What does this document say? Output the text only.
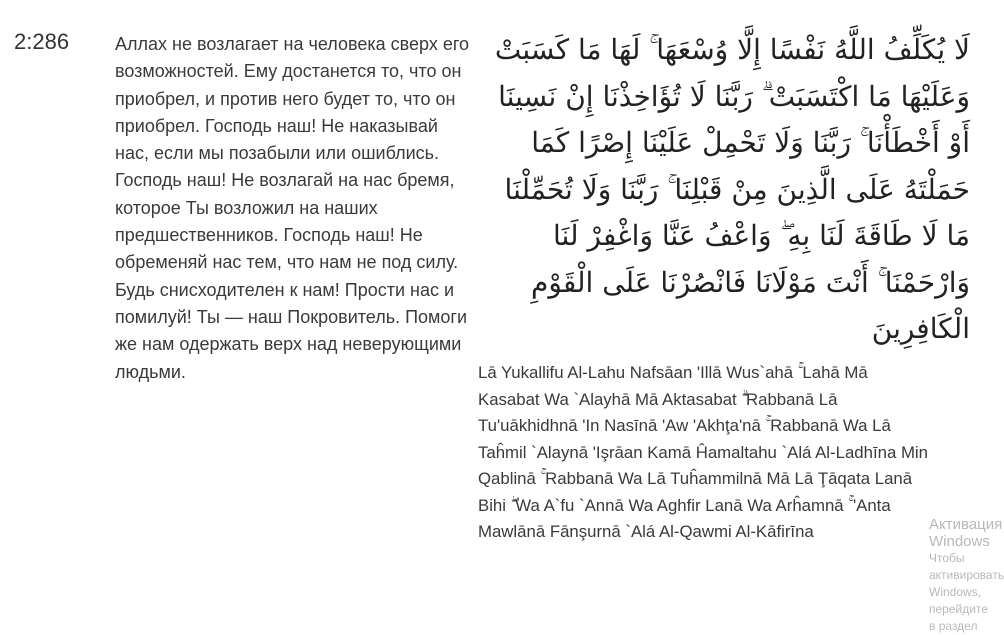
2:286	Аллах не возлагает на человека сверх его возможностей. Ему достанется то, что он приобрел, и против него будет то, что он приобрел. Господь наш! Не наказывай нас, если мы позабыли или ошиблись. Господь наш! Не возлагай на нас бремя, которое Ты возложил на наших предшественников. Господь наш! Не обременяй нас тем, что нам не под силу. Будь снисходителен к нам! Прости нас и помилуй! Ты — наш Покровитель. Помоги же нам одержать верх над неверующими людьми.
لَا يُكَلِّفُ اللَّهُ نَفْسًا إِلَّا وُسْعَهَا ۚ لَهَا مَا كَسَبَتْ وَعَلَيْهَا مَا اكْتَسَبَتْ ۗ رَبَّنَا لَا تُؤَاخِذْنَا إِنْ نَسِينَا أَوْ أَخْطَأْنَا ۚ رَبَّنَا وَلَا تَحْمِلْ عَلَيْنَا إِصْرًا كَمَا حَمَلْتَهُ عَلَى الَّذِينَ مِنْ قَبْلِنَا ۚ رَبَّنَا وَلَا تُحَمِّلْنَا مَا لَا طَاقَةَ لَنَا بِهِ ۖ وَاعْفُ عَنَّا وَاغْفِرْ لَنَا وَارْحَمْنَا ۚ أَنْتَ مَوْلَانَا فَانْصُرْنَا عَلَى الْقَوْمِ الْكَافِرِينَ
Lā Yukallifu Al-Lahu Nafsāan 'Illā Wus`ahā ۚ Lahā Mā Kasabat Wa `Alayhā Mā Aktasabat ۗ Rabbanā Lā Tu'uākhidhnā 'In Nasīnā 'Aw 'Akhţa'nā ۚ Rabbanā Wa Lā Taĥmil `Alaynā 'Işrāan Kamā Ĥamaltahu `Alá Al-Ladhīna Min Qablinā ۚ Rabbanā Wa Lā Tuĥammilnā Mā Lā Ţāqata Lanā Bihi ۖ Wa A`fu `Annā Wa Aghfir Lanā Wa Arĥamnā ۚ 'Anta Mawlānā Fānşurnā `Alá Al-Qawmi Al-Kāfirīna	Активация Windows
Чтобы активировать Windows, перейдите в раздел
